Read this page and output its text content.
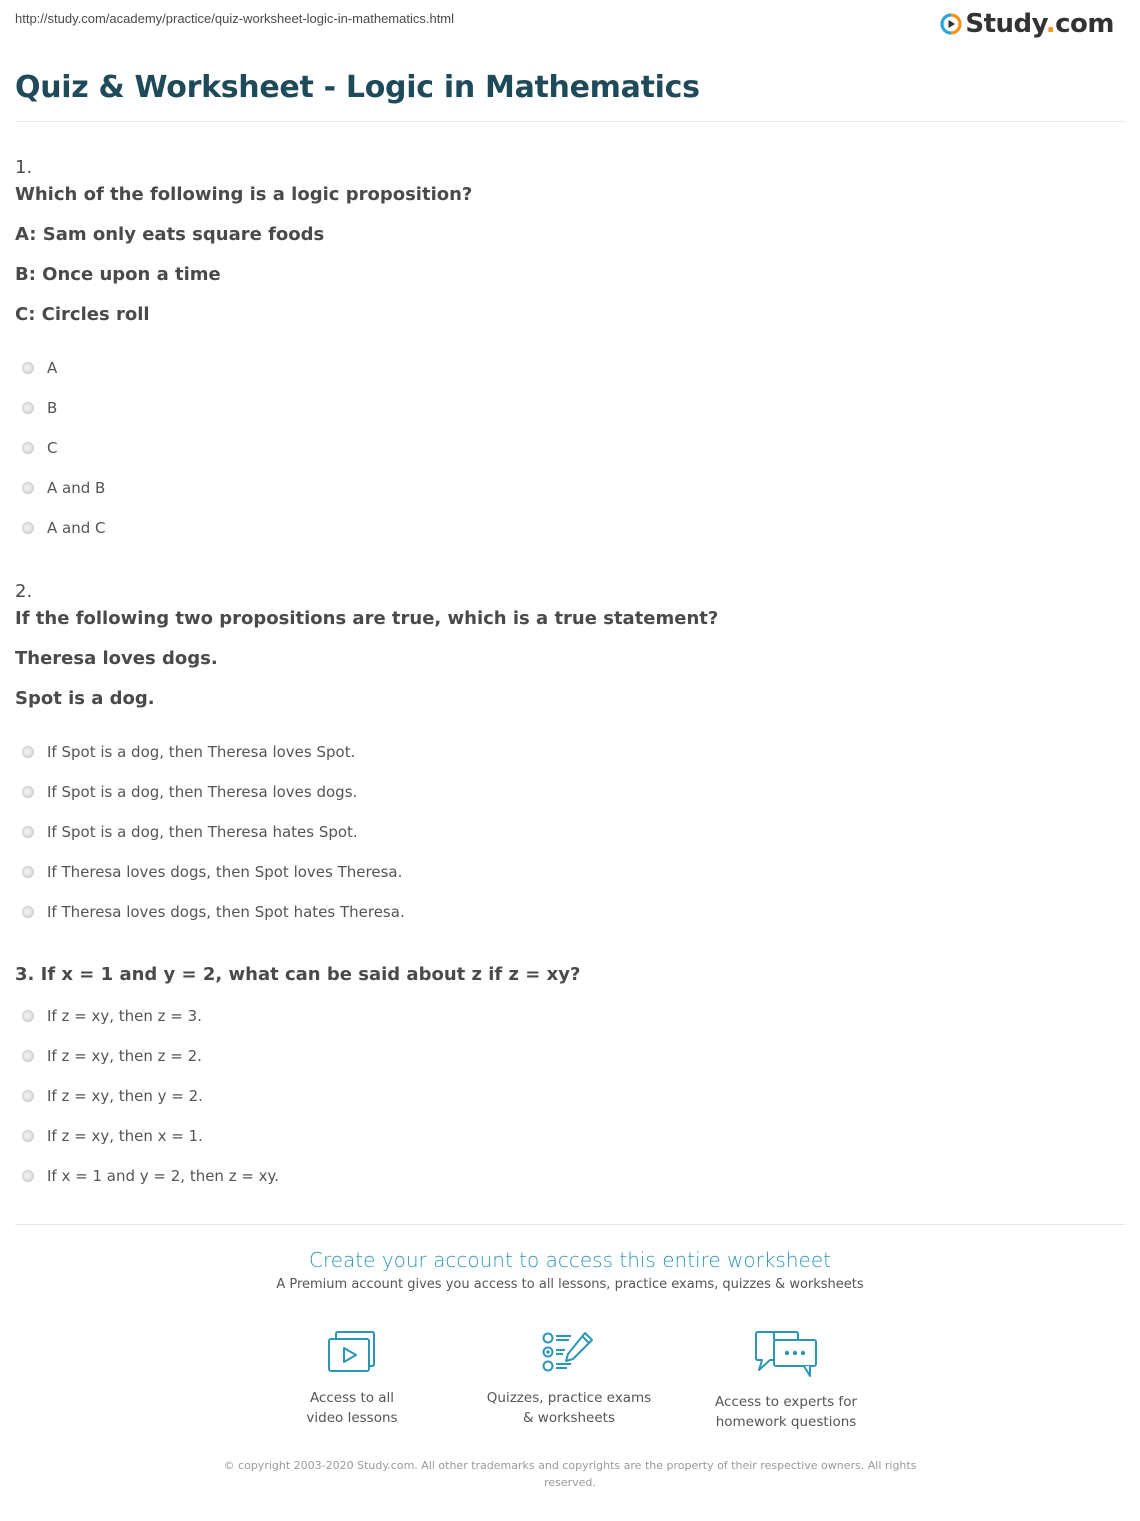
http://study.com/academy/practice/quiz-worksheet-logic-in-mathematics.html	Study.com
Quiz & Worksheet - Logic in Mathematics
1.
Which of the following is a logic proposition?
A: Sam only eats square foods
B: Once upon a time
C: Circles roll
A
B
C
A and B
A and C
2.
If the following two propositions are true, which is a true statement?
Theresa loves dogs.
Spot is a dog.
If Spot is a dog, then Theresa loves Spot.
If Spot is a dog, then Theresa loves dogs.
If Spot is a dog, then Theresa hates Spot.
If Theresa loves dogs, then Spot loves Theresa.
If Theresa loves dogs, then Spot hates Theresa.
3. If x = 1 and y = 2, what can be said about z if z = xy?
If z = xy, then z = 3.
If z = xy, then z = 2.
If z = xy, then y = 2.
If z = xy, then x = 1.
If x = 1 and y = 2, then z = xy.
Create your account to access this entire worksheet
A Premium account gives you access to all lessons, practice exams, quizzes & worksheets
Access to all
video lessons
Quizzes, practice exams
& worksheets
Access to experts for
homework questions
© copyright 2003-2020 Study.com. All other trademarks and copyrights are the property of their respective owners. All rights reserved.
